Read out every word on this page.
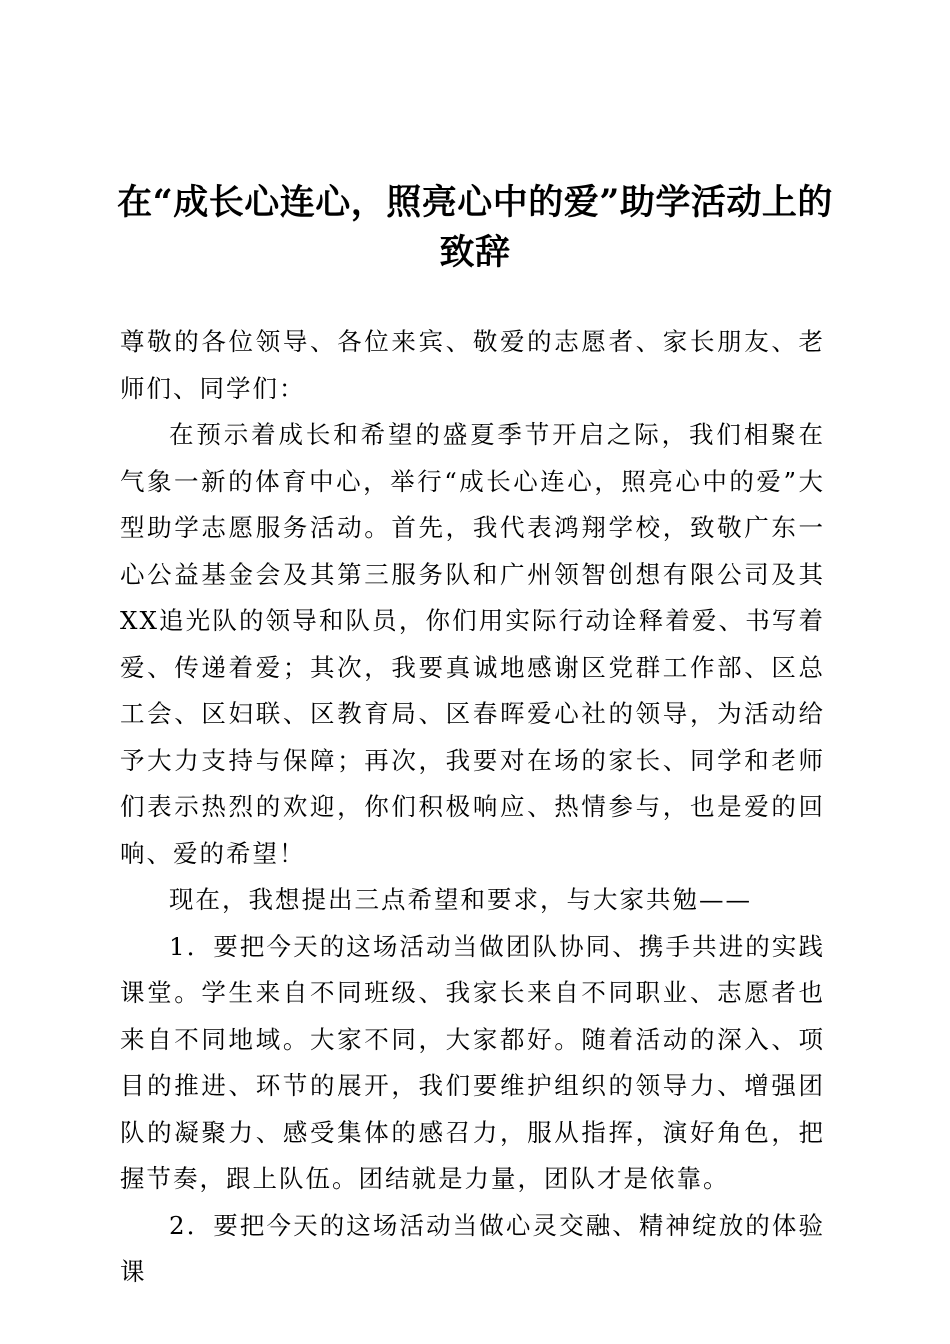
在“成长心连心，照亮心中的爱”助学活动上的致辞

尊敬的各位领导、各位来宾、敬爱的志愿者、家长朋友、老师们、同学们：

在预示着成长和希望的盛夏季节开启之际，我们相聚在气象一新的体育中心，举行“成长心连心，照亮心中的爱”大型助学志愿服务活动。首先，我代表鸿翔学校，致敬广东一心公益基金会及其第三服务队和广州领智创想有限公司及其XX追光队的领导和队员，你们用实际行动诠释着爱、书写着爱、传递着爱；其次，我要真诚地感谢区党群工作部、区总工会、区妇联、区教育局、区春晖爱心社的领导，为活动给予大力支持与保障；再次，我要对在场的家长、同学和老师们表示热烈的欢迎，你们积极响应、热情参与，也是爱的回响、爱的希望！

现在，我想提出三点希望和要求，与大家共勉——

1．要把今天的这场活动当做团队协同、携手共进的实践课堂。学生来自不同班级、我家长来自不同职业、志愿者也来自不同地域。大家不同，大家都好。随着活动的深入、项目的推进、环节的展开，我们要维护组织的领导力、增强团队的凝聚力、感受集体的感召力，服从指挥，演好角色，把握节奏，跟上队伍。团结就是力量，团队才是依靠。

2．要把今天的这场活动当做心灵交融、精神绽放的体验课
